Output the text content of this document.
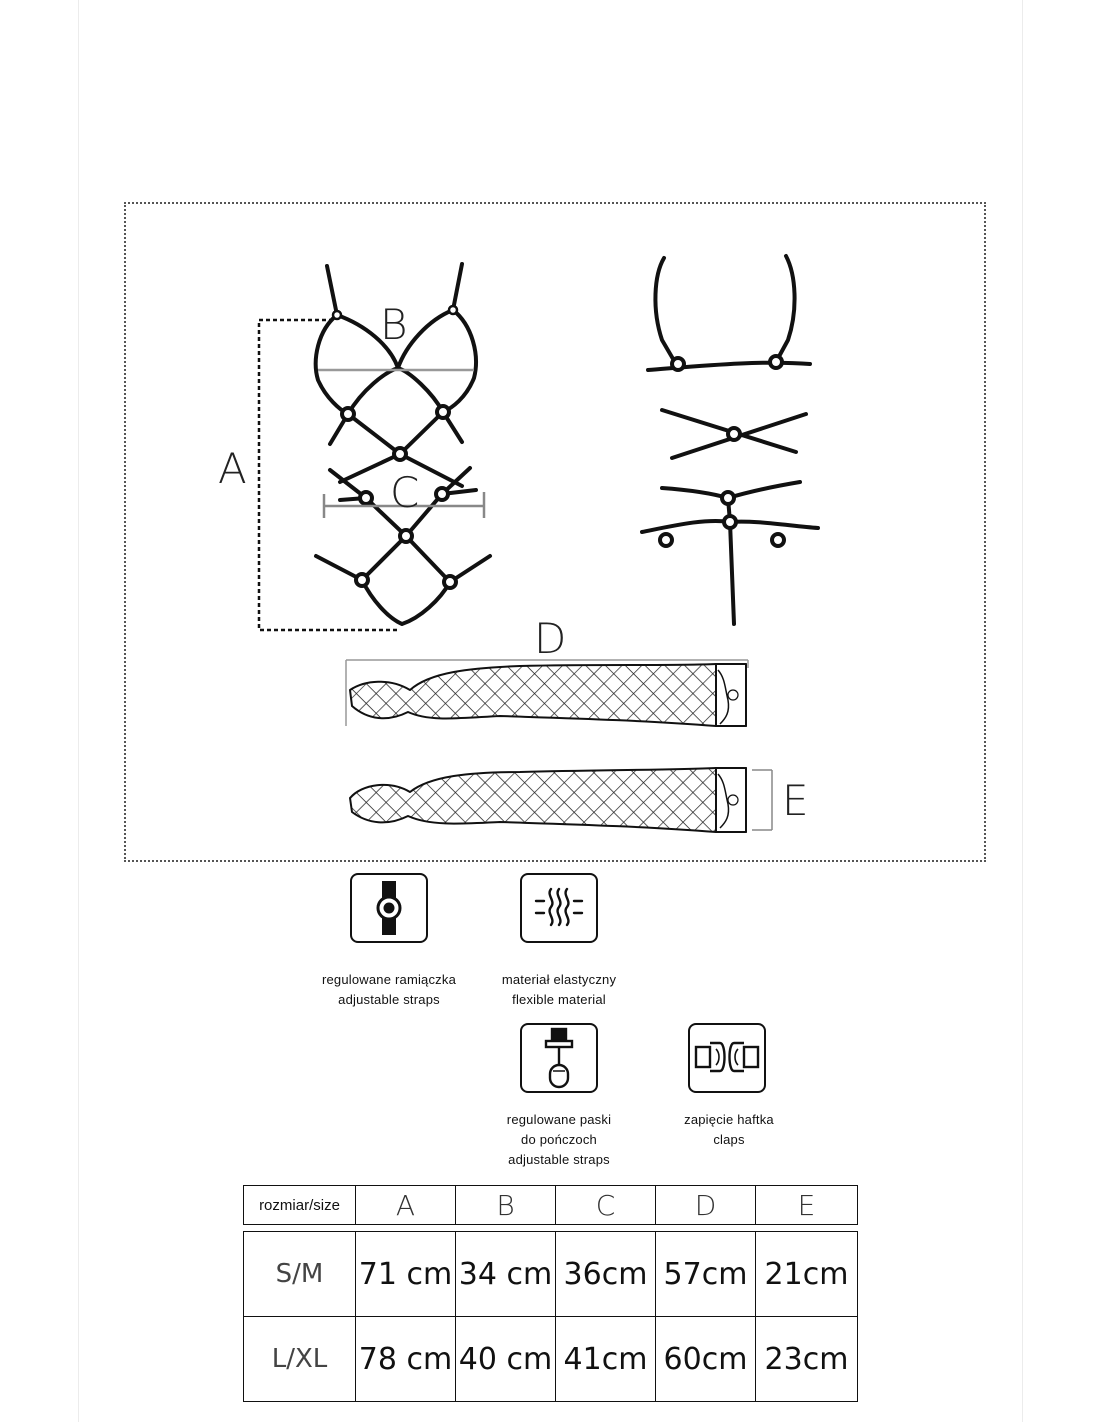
A
B
C
D
E
regulowane ramiączka
adjustable straps
materiał elastyczny
flexible material
regulowane paski
do pończoch
adjustable straps
zapięcie haftka
claps
rozmiar/size	A	B	C	D	E
S/M	71 cm	34 cm	36cm	57cm	21cm
L/XL	78 cm	40 cm	41cm	60cm	23cm
